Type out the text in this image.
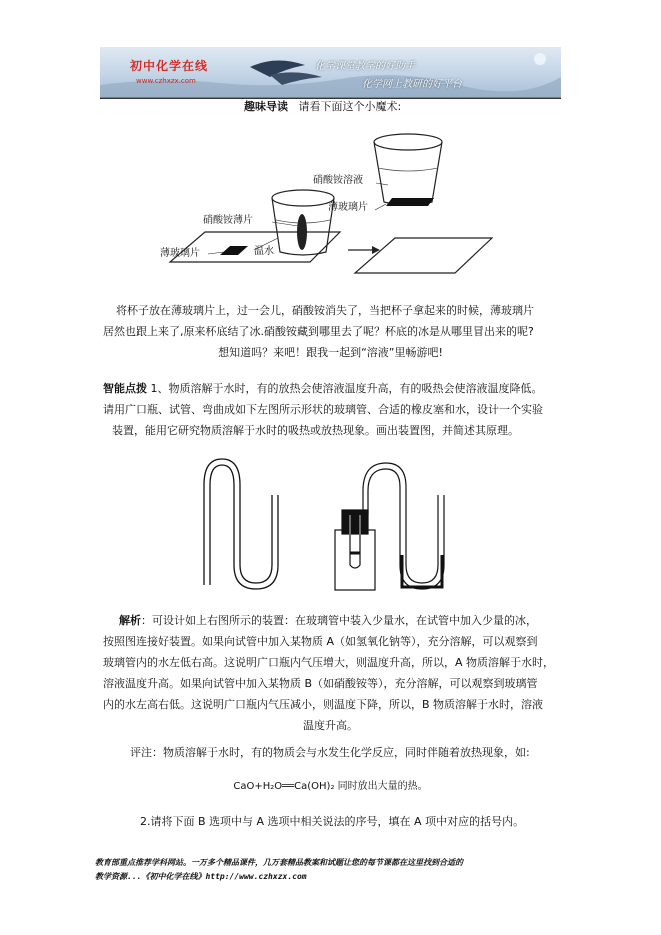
初中化学在线
www.czhxzx.com
化学课堂教学的好助手
化学网上教研的好平台
趣味导读 请看下面这个小魔术:
硝酸铵溶液
薄玻璃片
硝酸铵薄片
温水
薄玻璃片
将杯子放在薄玻璃片上，过一会儿，硝酸铵消失了，当把杯子拿起来的时候，薄玻璃片
居然也跟上来了,原来杯底结了冰.硝酸铵藏到哪里去了呢？杯底的冰是从哪里冒出来的呢?
想知道吗？来吧！跟我一起到“溶液”里畅游吧!
智能点拨 1、物质溶解于水时，有的放热会使溶液温度升高，有的吸热会使溶液温度降低。
请用广口瓶、试管、弯曲成如下左图所示形状的玻璃管、合适的橡皮塞和水，设计一个实验
装置，能用它研究物质溶解于水时的吸热或放热现象。画出装置图，并简述其原理。
解析：可设计如上右图所示的装置：在玻璃管中装入少量水，在试管中加入少量的冰，
按照图连接好装置。如果向试管中加入某物质 A（如氢氧化钠等），充分溶解，可以观察到
玻璃管内的水左低右高。这说明广口瓶内气压增大，则温度升高，所以，A 物质溶解于水时，
溶液温度升高。如果向试管中加入某物质 B（如硝酸铵等），充分溶解，可以观察到玻璃管
内的水左高右低。这说明广口瓶内气压减小，则温度下降，所以，B 物质溶解于水时，溶液
温度升高。
评注：物质溶解于水时，有的物质会与水发生化学反应，同时伴随着放热现象，如:
CaO+H₂O══Ca(OH)₂ 同时放出大量的热。
2.请将下面 B 选项中与 A 选项中相关说法的序号，填在 A 项中对应的括号内。
教育部重点推荐学科网站。一万多个精品课件，几万套精品教案和试题让您的每节课都在这里找到合适的
教学资源...《初中化学在线》http://www.czhxzx.com
